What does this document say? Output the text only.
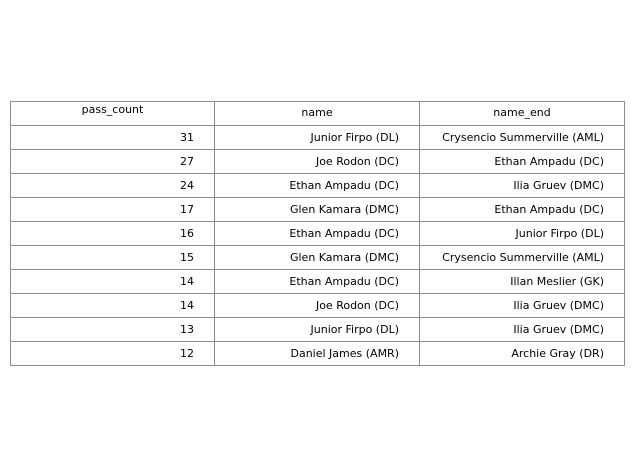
pass_count	name	name_end
31	Junior Firpo (DL)	Crysencio Summerville (AML)
27	Joe Rodon (DC)	Ethan Ampadu (DC)
24	Ethan Ampadu (DC)	Ilia Gruev (DMC)
17	Glen Kamara (DMC)	Ethan Ampadu (DC)
16	Ethan Ampadu (DC)	Junior Firpo (DL)
15	Glen Kamara (DMC)	Crysencio Summerville (AML)
14	Ethan Ampadu (DC)	Illan Meslier (GK)
14	Joe Rodon (DC)	Ilia Gruev (DMC)
13	Junior Firpo (DL)	Ilia Gruev (DMC)
12	Daniel James (AMR)	Archie Gray (DR)
